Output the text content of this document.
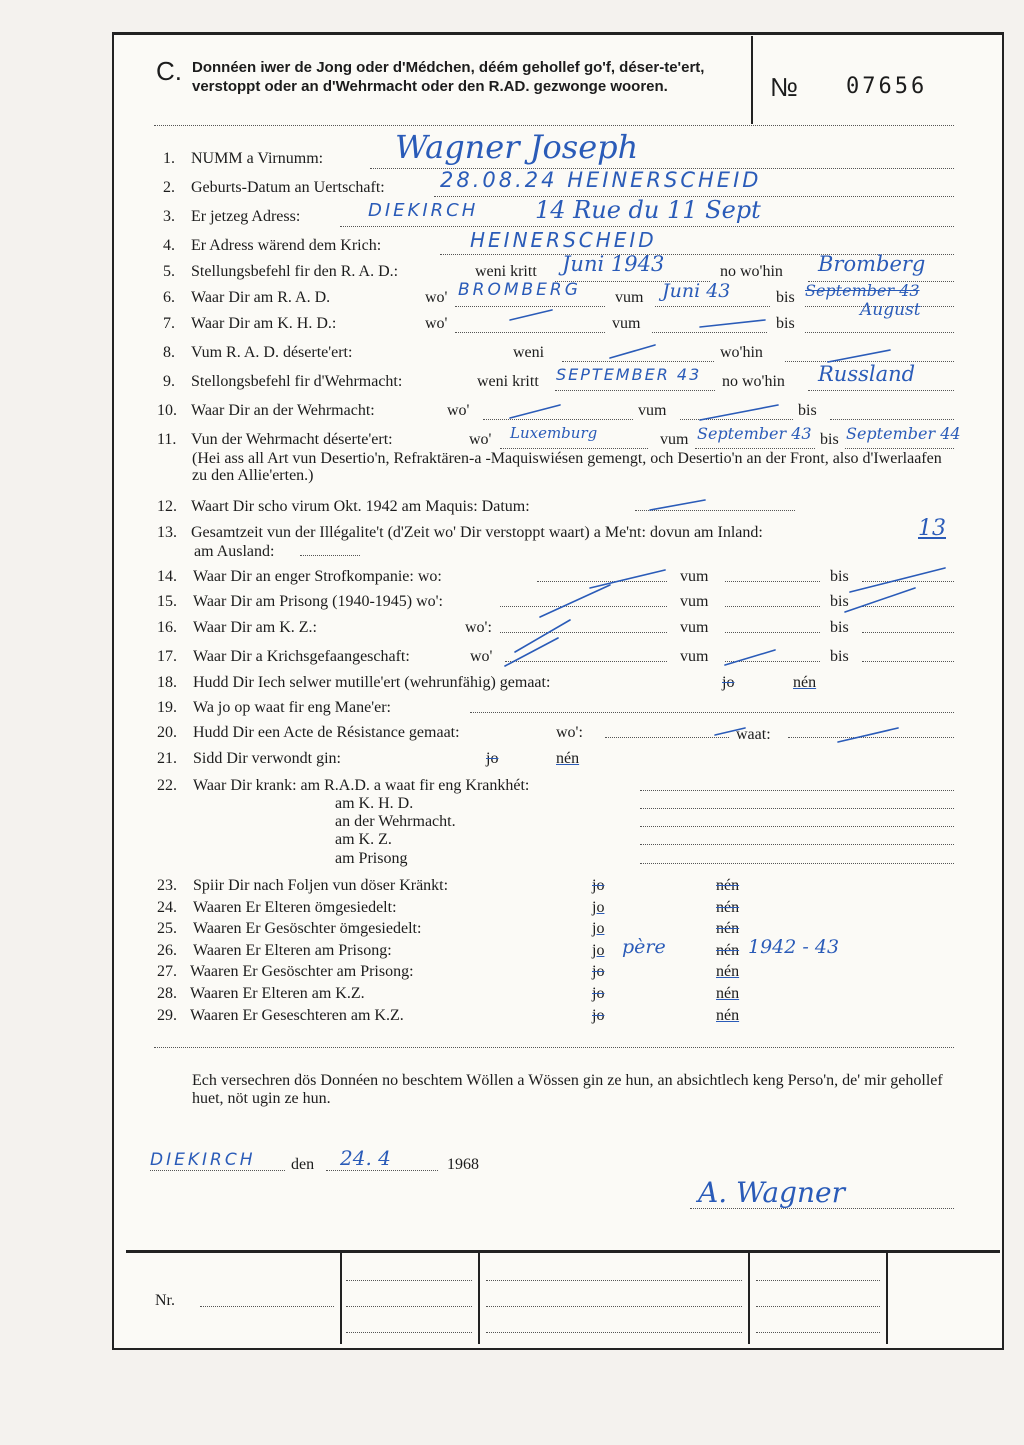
C. Donnéen iwer de Jong oder d'Médchen, déém gehollef go'f, déser-te'ert, verstoppt oder an d'Wehrmacht oder den R.AD. gezwonge wooren.	№ 07656
1. NUMM a Virnumm: Wagner Joseph
2. Geburts-Datum an Uertschaft:	28.08.24 HEINERSCHEID
3. Er jetzeg Adress:	DIEKIRCH 14 Rue du 11 Sept
4. Er Adress wärend dem Krich:	HEINERSCHEID
5. Stellungsbefehl fir den R. A. D.:	weni kritt Juni 1943	no wo'hin Bromberg
6. Waar Dir am R. A. D.	wo' BROMBERG vum Juni 43	bis September 43
August
7. Waar Dir am K. H. D.:	wo'	vum	bis
8. Vum R. A. D. déserte'ert:	weni	wo'hin
9. Stellongsbefehl fir d'Wehrmacht:	weni kritt SEPTEMBER 43 no wo'hin Russland
10. Waar Dir an der Wehrmacht:	wo'	vum	bis
11. Vun der Wehrmacht déserte'ert:	wo' Luxemburg	vum September 43 bis September 44
(Hei ass all Art vun Desertio'n, Refraktären-a -Maquiswiésen gemengt, och Desertio'n an der Front, also d'Iwerlaafen zu den Allie'erten.)
12. Waart Dir scho virum Okt. 1942 am Maquis: Datum:
13. Gesamtzeit vun der Illégalite't (d'Zeit wo' Dir verstoppt waart) a Me'nt: dovun am Inland:	13
am Ausland:
14. Waar Dir an enger Strofkompanie: wo:	vum	bis
15. Waar Dir am Prisong (1940-1945) wo':	vum	bis
16. Waar Dir am K. Z.:	wo':	vum	bis
17. Waar Dir a Krichsgefaangeschaft:	wo'	vum	bis
18. Hudd Dir Iech selwer mutille'ert (wehrunfähig) gemaat:	jo	nén
19. Wa jo op waat fir eng Mane'er:
20. Hudd Dir een Acte de Résistance gemaat:	wo':	waat:
21. Sidd Dir verwondt gin:	jo	nén
22. Waar Dir krank: am R.A.D. a waat fir eng Krankhét:
am K. H. D.
an der Wehrmacht.
am K. Z.
am Prisong
23. Spiir Dir nach Foljen vun döser Kränkt:	jo	nén
24. Waaren Er Elteren ömgesiedelt:	jo	nén
25. Waaren Er Gesöschter ömgesiedelt:	jo	nén
26. Waaren Er Elteren am Prisong:	jo père	nén 1942 - 43
27. Waaren Er Gesöschter am Prisong:	jo	nén
28. Waaren Er Elteren am K.Z.	jo	nén
29. Waaren Er Geseschteren am K.Z.	jo	nén
Ech versechren dös Donnéen no beschtem Wöllen a Wössen gin ze hun, an absichtlech keng Perso'n, de' mir gehollef huet, nöt ugin ze hun.
DIEKIRCH den 24. 4	1968
A. Wagner
Nr.
